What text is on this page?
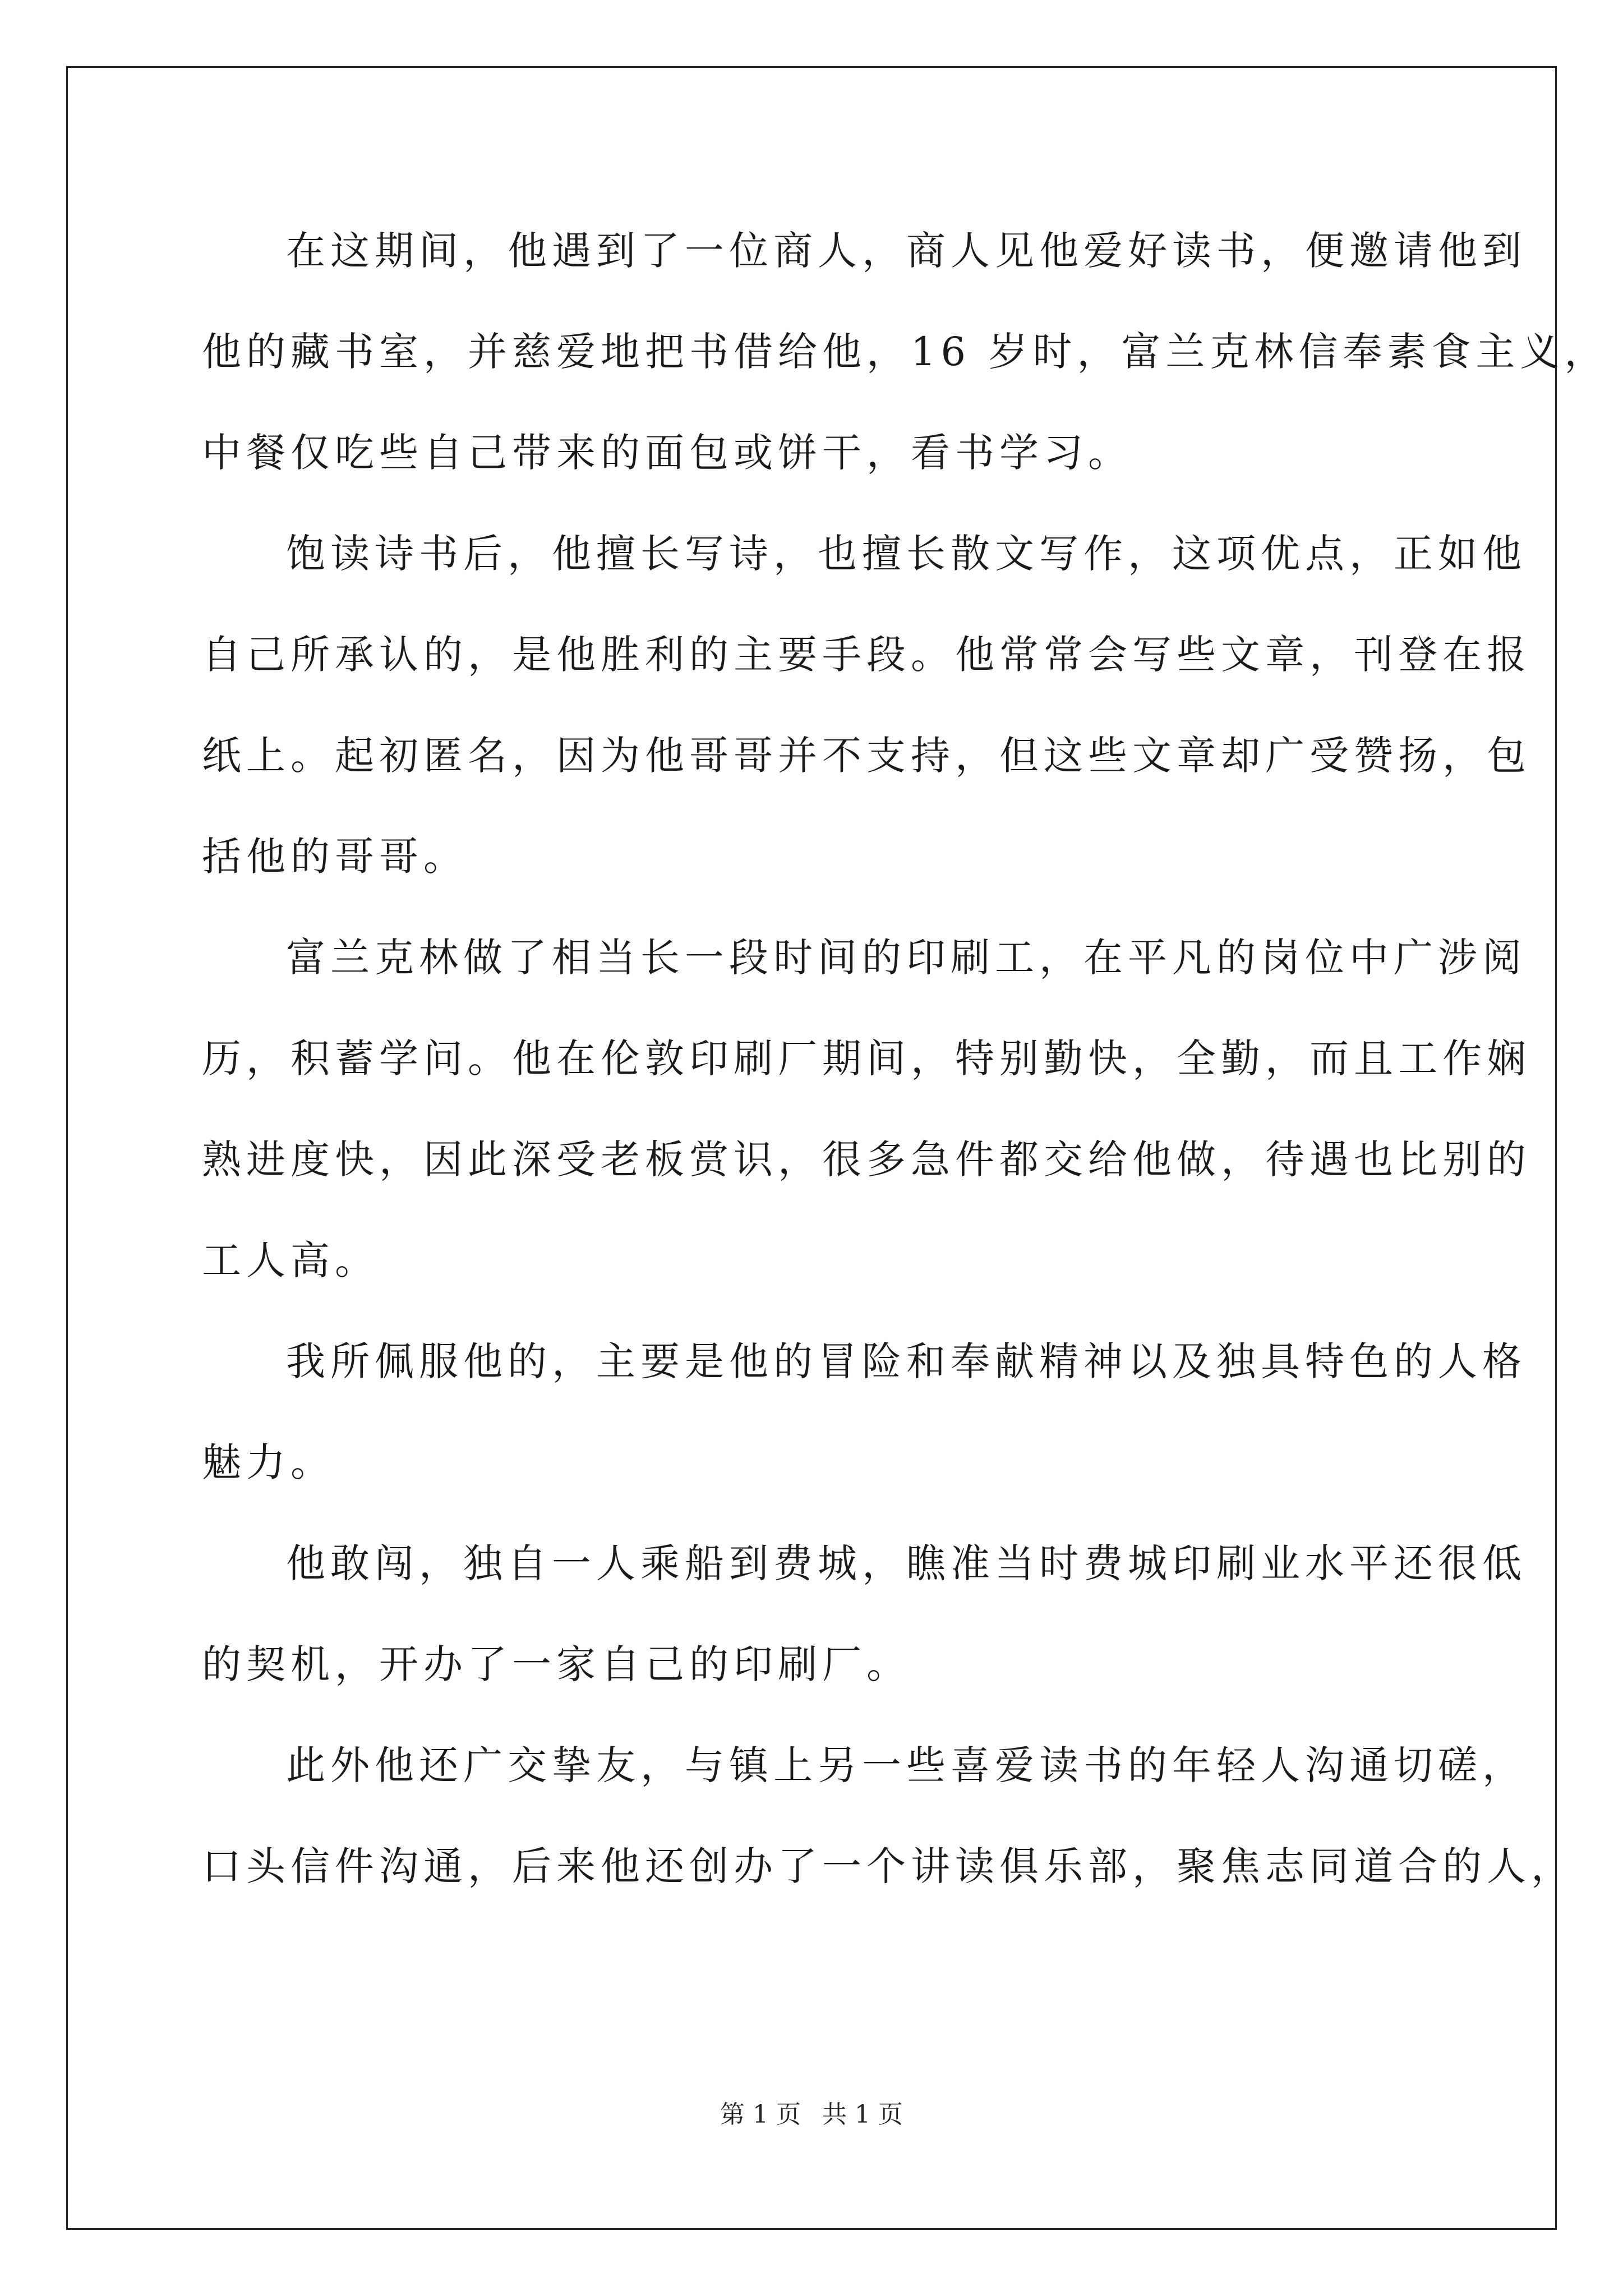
在这期间，他遇到了一位商人，商人见他爱好读书，便邀请他到
他的藏书室，并慈爱地把书借给他，16 岁时，富兰克林信奉素食主义，
中餐仅吃些自己带来的面包或饼干，看书学习。
饱读诗书后，他擅长写诗，也擅长散文写作，这项优点，正如他
自己所承认的，是他胜利的主要手段。他常常会写些文章，刊登在报
纸上。起初匿名，因为他哥哥并不支持，但这些文章却广受赞扬，包
括他的哥哥。
富兰克林做了相当长一段时间的印刷工，在平凡的岗位中广涉阅
历，积蓄学问。他在伦敦印刷厂期间，特别勤快，全勤，而且工作娴
熟进度快，因此深受老板赏识，很多急件都交给他做，待遇也比别的
工人高。
我所佩服他的，主要是他的冒险和奉献精神以及独具特色的人格
魅力。
他敢闯，独自一人乘船到费城，瞧准当时费城印刷业水平还很低
的契机，开办了一家自己的印刷厂。
此外他还广交挚友，与镇上另一些喜爱读书的年轻人沟通切磋，
口头信件沟通，后来他还创办了一个讲读俱乐部，聚焦志同道合的人，
第 1 页 共 1 页
